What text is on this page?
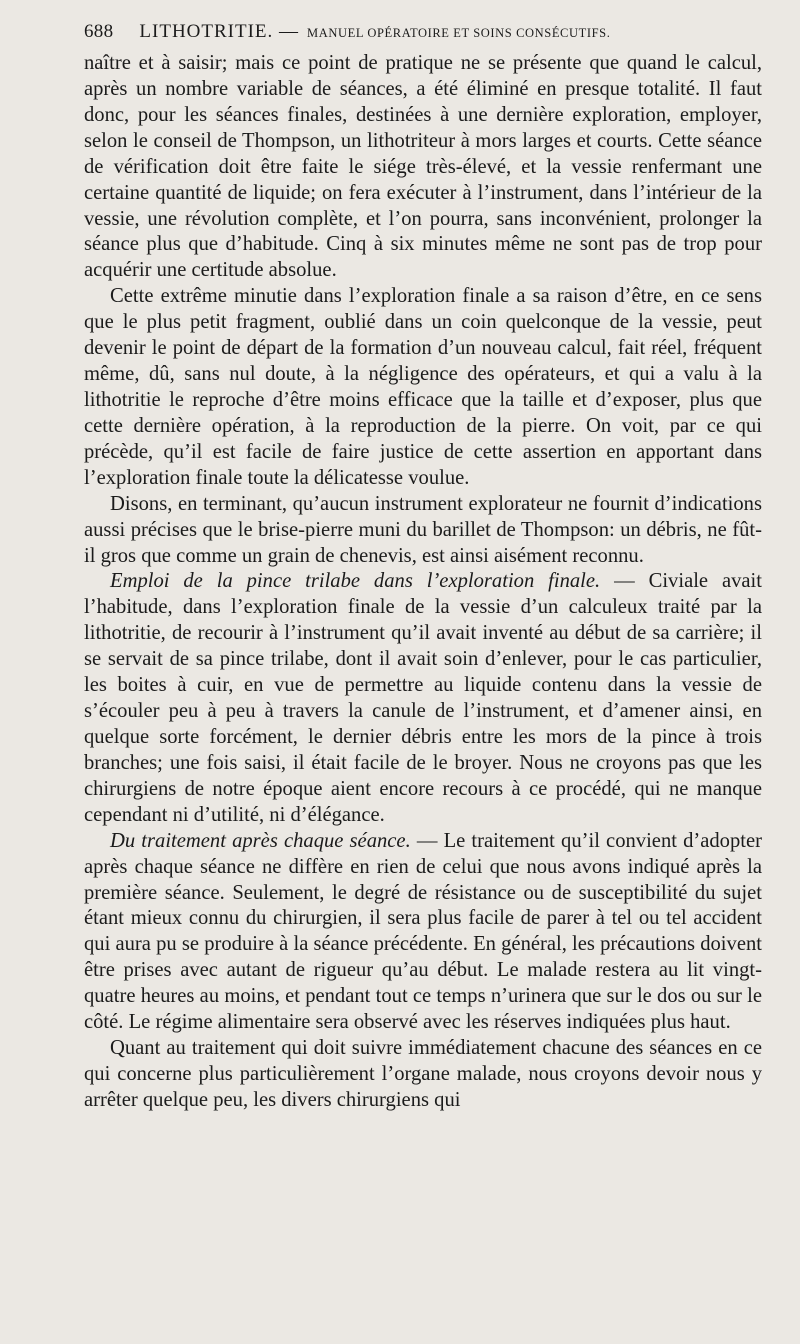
688 LITHOTRITIE. — MANUEL OPÉRATOIRE ET SOINS CONSÉCUTIFS.

naître et à saisir; mais ce point de pratique ne se présente que quand le calcul, après un nombre variable de séances, a été éliminé en presque totalité. Il faut donc, pour les séances finales, destinées à une dernière exploration, employer, selon le conseil de Thompson, un lithotriteur à mors larges et courts. Cette séance de vérification doit être faite le siége très-élevé, et la vessie renfermant une certaine quantité de liquide; on fera exécuter à l’instrument, dans l’intérieur de la vessie, une révolution complète, et l’on pourra, sans inconvénient, prolonger la séance plus que d’habitude. Cinq à six minutes même ne sont pas de trop pour acquérir une certitude absolue.

Cette extrême minutie dans l’exploration finale a sa raison d’être, en ce sens que le plus petit fragment, oublié dans un coin quelconque de la vessie, peut devenir le point de départ de la formation d’un nouveau calcul, fait réel, fréquent même, dû, sans nul doute, à la négligence des opérateurs, et qui a valu à la lithotritie le reproche d’être moins efficace que la taille et d’exposer, plus que cette dernière opération, à la reproduction de la pierre. On voit, par ce qui précède, qu’il est facile de faire justice de cette assertion en apportant dans l’exploration finale toute la délicatesse voulue.

Disons, en terminant, qu’aucun instrument explorateur ne fournit d’indications aussi précises que le brise-pierre muni du barillet de Thompson: un débris, ne fût-il gros que comme un grain de chenevis, est ainsi aisément reconnu.

Emploi de la pince trilabe dans l’exploration finale. — Civiale avait l’habitude, dans l’exploration finale de la vessie d’un calculeux traité par la lithotritie, de recourir à l’instrument qu’il avait inventé au début de sa carrière; il se servait de sa pince trilabe, dont il avait soin d’enlever, pour le cas particulier, les boites à cuir, en vue de permettre au liquide contenu dans la vessie de s’écouler peu à peu à travers la canule de l’instrument, et d’amener ainsi, en quelque sorte forcément, le dernier débris entre les mors de la pince à trois branches; une fois saisi, il était facile de le broyer. Nous ne croyons pas que les chirurgiens de notre époque aient encore recours à ce procédé, qui ne manque cependant ni d’utilité, ni d’élégance.

Du traitement après chaque séance. — Le traitement qu’il convient d’adopter après chaque séance ne diffère en rien de celui que nous avons indiqué après la première séance. Seulement, le degré de résistance ou de susceptibilité du sujet étant mieux connu du chirurgien, il sera plus facile de parer à tel ou tel accident qui aura pu se produire à la séance précédente. En général, les précautions doivent être prises avec autant de rigueur qu’au début. Le malade restera au lit vingt-quatre heures au moins, et pendant tout ce temps n’urinera que sur le dos ou sur le côté. Le régime alimentaire sera observé avec les réserves indiquées plus haut.

Quant au traitement qui doit suivre immédiatement chacune des séances en ce qui concerne plus particulièrement l’organe malade, nous croyons devoir nous y arrêter quelque peu, les divers chirurgiens qui
